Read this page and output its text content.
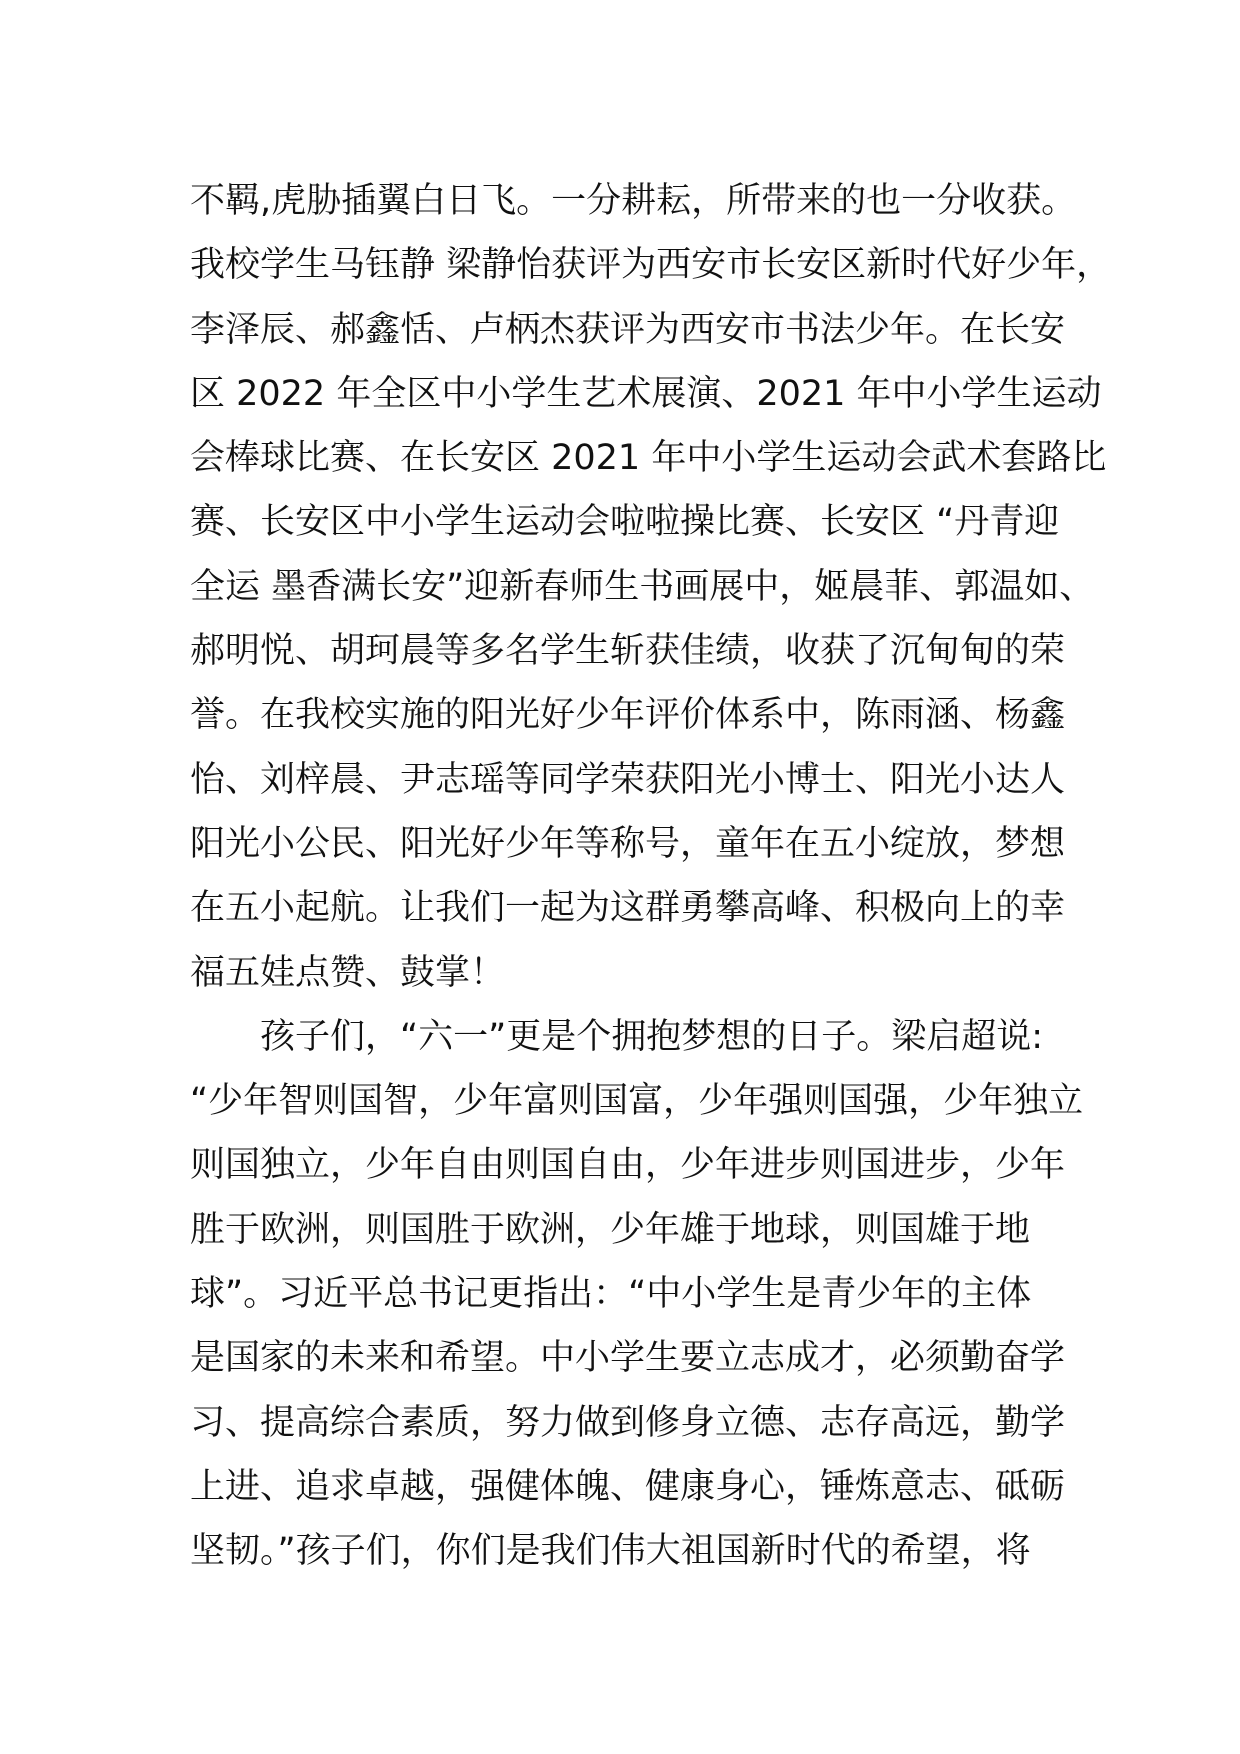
不羁,虎胁插翼白日飞。一分耕耘，所带来的也一分收获。
我校学生马钰静 梁静怡获评为西安市长安区新时代好少年，
李泽辰、郝鑫恬、卢柄杰获评为西安市书法少年。在长安
区 2022 年全区中小学生艺术展演、2021 年中小学生运动
会棒球比赛、在长安区 2021 年中小学生运动会武术套路比
赛、长安区中小学生运动会啦啦操比赛、长安区 “丹青迎
全运 墨香满长安”迎新春师生书画展中，姬晨菲、郭温如、
郝明悦、胡珂晨等多名学生斩获佳绩，收获了沉甸甸的荣
誉。在我校实施的阳光好少年评价体系中，陈雨涵、杨鑫
怡、刘梓晨、尹志瑶等同学荣获阳光小博士、阳光小达人
阳光小公民、阳光好少年等称号，童年在五小绽放，梦想
在五小起航。让我们一起为这群勇攀高峰、积极向上的幸
福五娃点赞、鼓掌！
　　孩子们，“六一”更是个拥抱梦想的日子。梁启超说:
“少年智则国智，少年富则国富，少年强则国强，少年独立
则国独立，少年自由则国自由，少年进步则国进步，少年
胜于欧洲，则国胜于欧洲，少年雄于地球，则国雄于地
球”。习近平总书记更指出：“中小学生是青少年的主体
是国家的未来和希望。中小学生要立志成才，必须勤奋学
习、提高综合素质，努力做到修身立德、志存高远，勤学
上进、追求卓越，强健体魄、健康身心，锤炼意志、砥砺
坚韧。”孩子们，你们是我们伟大祖国新时代的希望，将
